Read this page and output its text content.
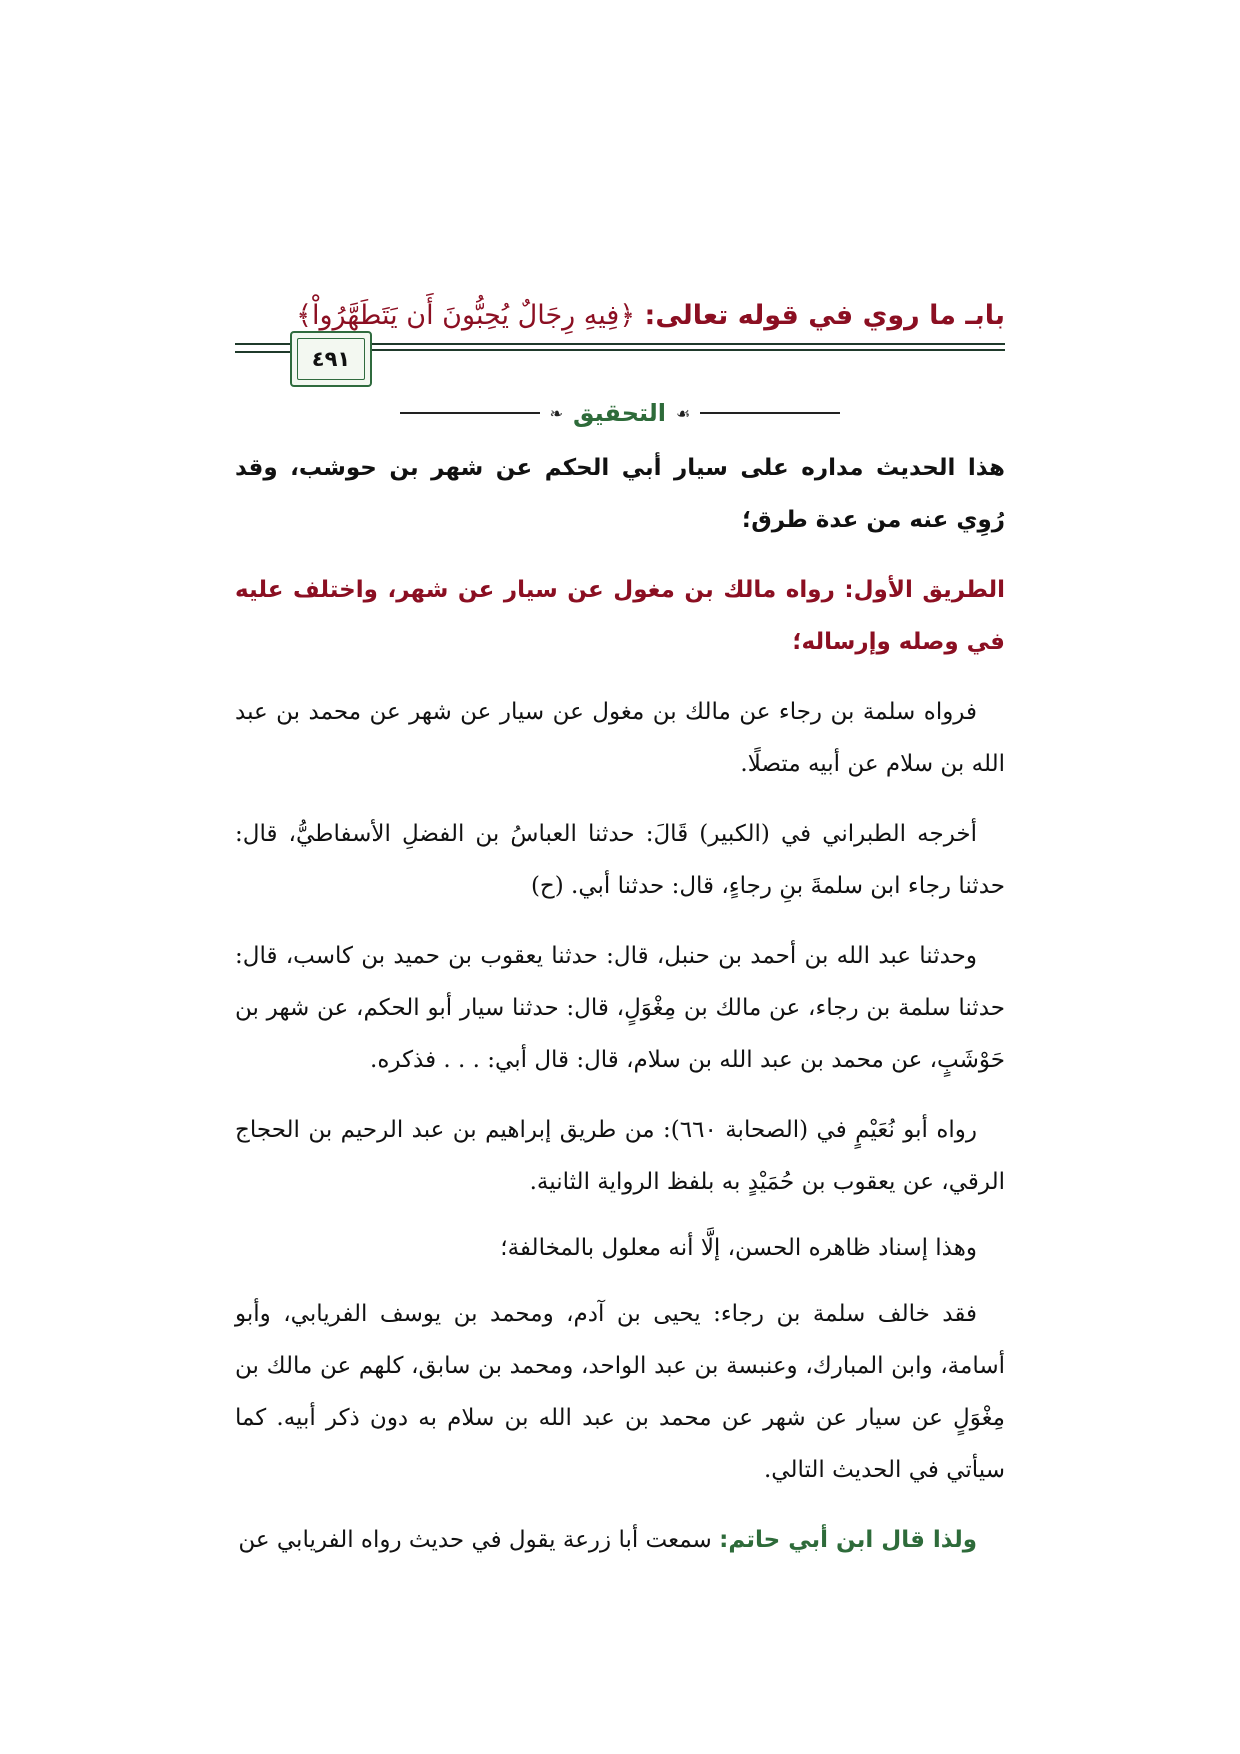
بابـ ما روي في قوله تعالى: ﴿فِيهِ رِجَالٌ يُحِبُّونَ أَن يَتَطَهَّرُواْ﴾
٤٩١
☙
التحقيق
❧

هذا الحديث مداره على سيار أبي الحكم عن شهر بن حوشب، وقد رُوِي عنه من عدة طرق؛

الطريق الأول: رواه مالك بن مغول عن سيار عن شهر، واختلف عليه في وصله وإرساله؛

فرواه سلمة بن رجاء عن مالك بن مغول عن سيار عن شهر عن محمد بن عبد الله بن سلام عن أبيه متصلًا.

أخرجه الطبراني في (الكبير) قَالَ: حدثنا العباسُ بن الفضلِ الأسفاطيُّ، قال: حدثنا رجاء ابن سلمةَ بنِ رجاءٍ، قال: حدثنا أبي. (ح)

وحدثنا عبد الله بن أحمد بن حنبل، قال: حدثنا يعقوب بن حميد بن كاسب، قال: حدثنا سلمة بن رجاء، عن مالك بن مِغْوَلٍ، قال: حدثنا سيار أبو الحكم، عن شهر بن حَوْشَبٍ، عن محمد بن عبد الله بن سلام، قال: قال أبي: . . . فذكره.

رواه أبو نُعَيْمٍ في (الصحابة ٦٦٠): من طريق إبراهيم بن عبد الرحيم بن الحجاج الرقي، عن يعقوب بن حُمَيْدٍ به بلفظ الرواية الثانية.

وهذا إسناد ظاهره الحسن، إلَّا أنه معلول بالمخالفة؛

فقد خالف سلمة بن رجاء: يحيى بن آدم، ومحمد بن يوسف الفريابي، وأبو أسامة، وابن المبارك، وعنبسة بن عبد الواحد، ومحمد بن سابق، كلهم عن مالك بن مِغْوَلٍ عن سيار عن شهر عن محمد بن عبد الله بن سلام به دون ذكر أبيه. كما سيأتي في الحديث التالي.

ولذا قال ابن أبي حاتم: سمعت أبا زرعة يقول في حديث رواه الفريابي عن
